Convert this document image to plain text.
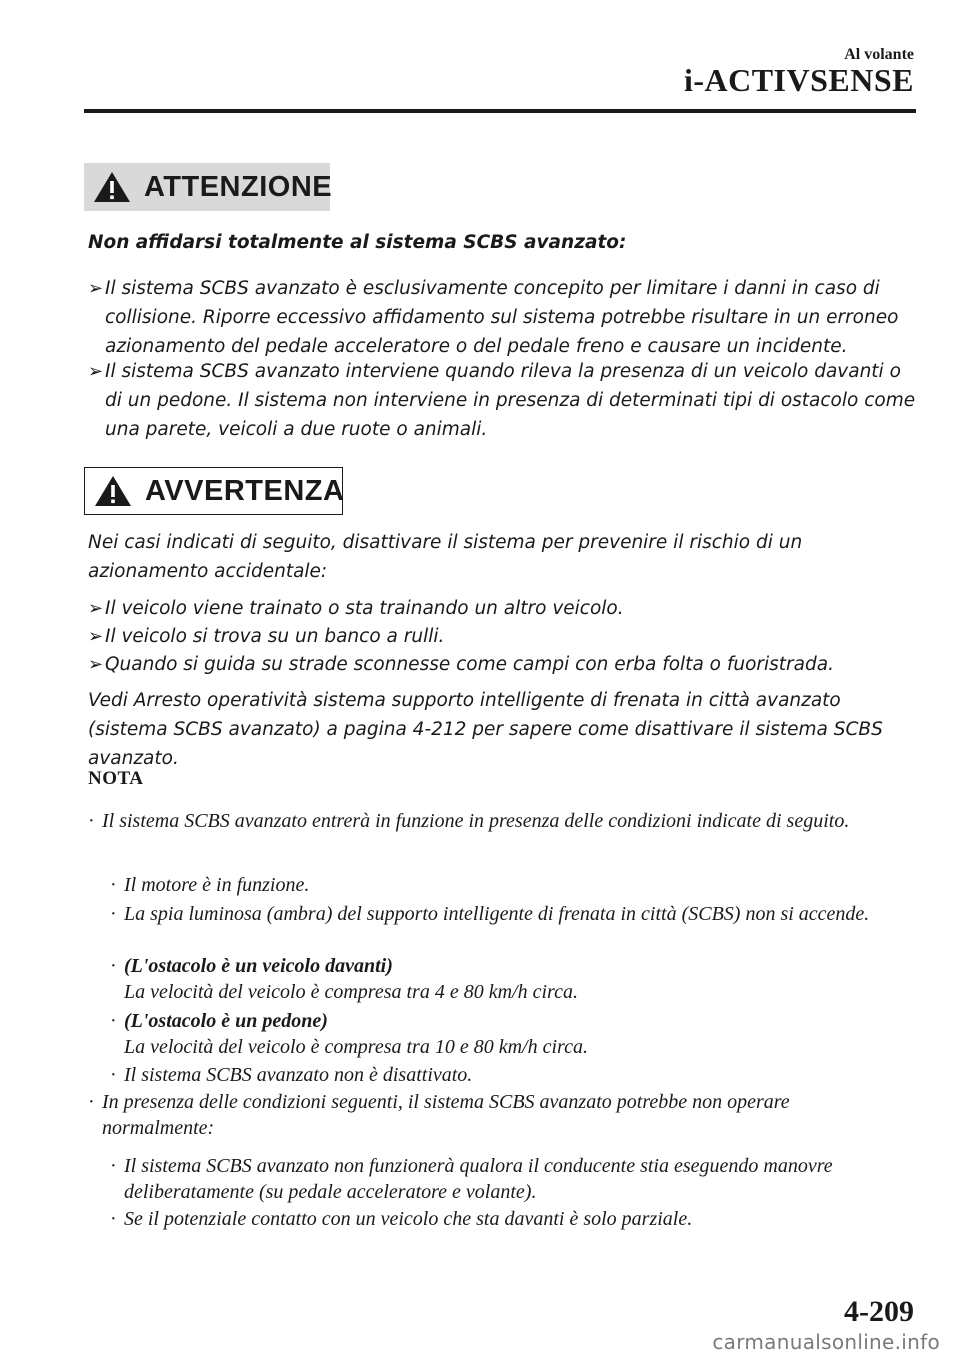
Al volante
i-ACTIVSENSE
ATTENZIONE
Non affidarsi totalmente al sistema SCBS avanzato:
➢ Il sistema SCBS avanzato è esclusivamente concepito per limitare i danni in caso di collisione. Riporre eccessivo affidamento sul sistema potrebbe risultare in un erroneo azionamento del pedale acceleratore o del pedale freno e causare un incidente.
➢ Il sistema SCBS avanzato interviene quando rileva la presenza di un veicolo davanti o di un pedone. Il sistema non interviene in presenza di determinati tipi di ostacolo come una parete, veicoli a due ruote o animali.
AVVERTENZA
Nei casi indicati di seguito, disattivare il sistema per prevenire il rischio di un azionamento accidentale:
➢ Il veicolo viene trainato o sta trainando un altro veicolo.
➢ Il veicolo si trova su un banco a rulli.
➢ Quando si guida su strade sconnesse come campi con erba folta o fuoristrada.
Vedi Arresto operatività sistema supporto intelligente di frenata in città avanzato (sistema SCBS avanzato) a pagina 4-212 per sapere come disattivare il sistema SCBS avanzato.
NOTA
· Il sistema SCBS avanzato entrerà in funzione in presenza delle condizioni indicate di seguito.
· Il motore è in funzione.
· La spia luminosa (ambra) del supporto intelligente di frenata in città (SCBS) non si accende.
· (L'ostacolo è un veicolo davanti)
La velocità del veicolo è compresa tra 4 e 80 km/h circa.
· (L'ostacolo è un pedone)
La velocità del veicolo è compresa tra 10 e 80 km/h circa.
· Il sistema SCBS avanzato non è disattivato.
· In presenza delle condizioni seguenti, il sistema SCBS avanzato potrebbe non operare normalmente:
· Il sistema SCBS avanzato non funzionerà qualora il conducente stia eseguendo manovre deliberatamente (su pedale acceleratore e volante).
· Se il potenziale contatto con un veicolo che sta davanti è solo parziale.
4-209
carmanualsonline.info
